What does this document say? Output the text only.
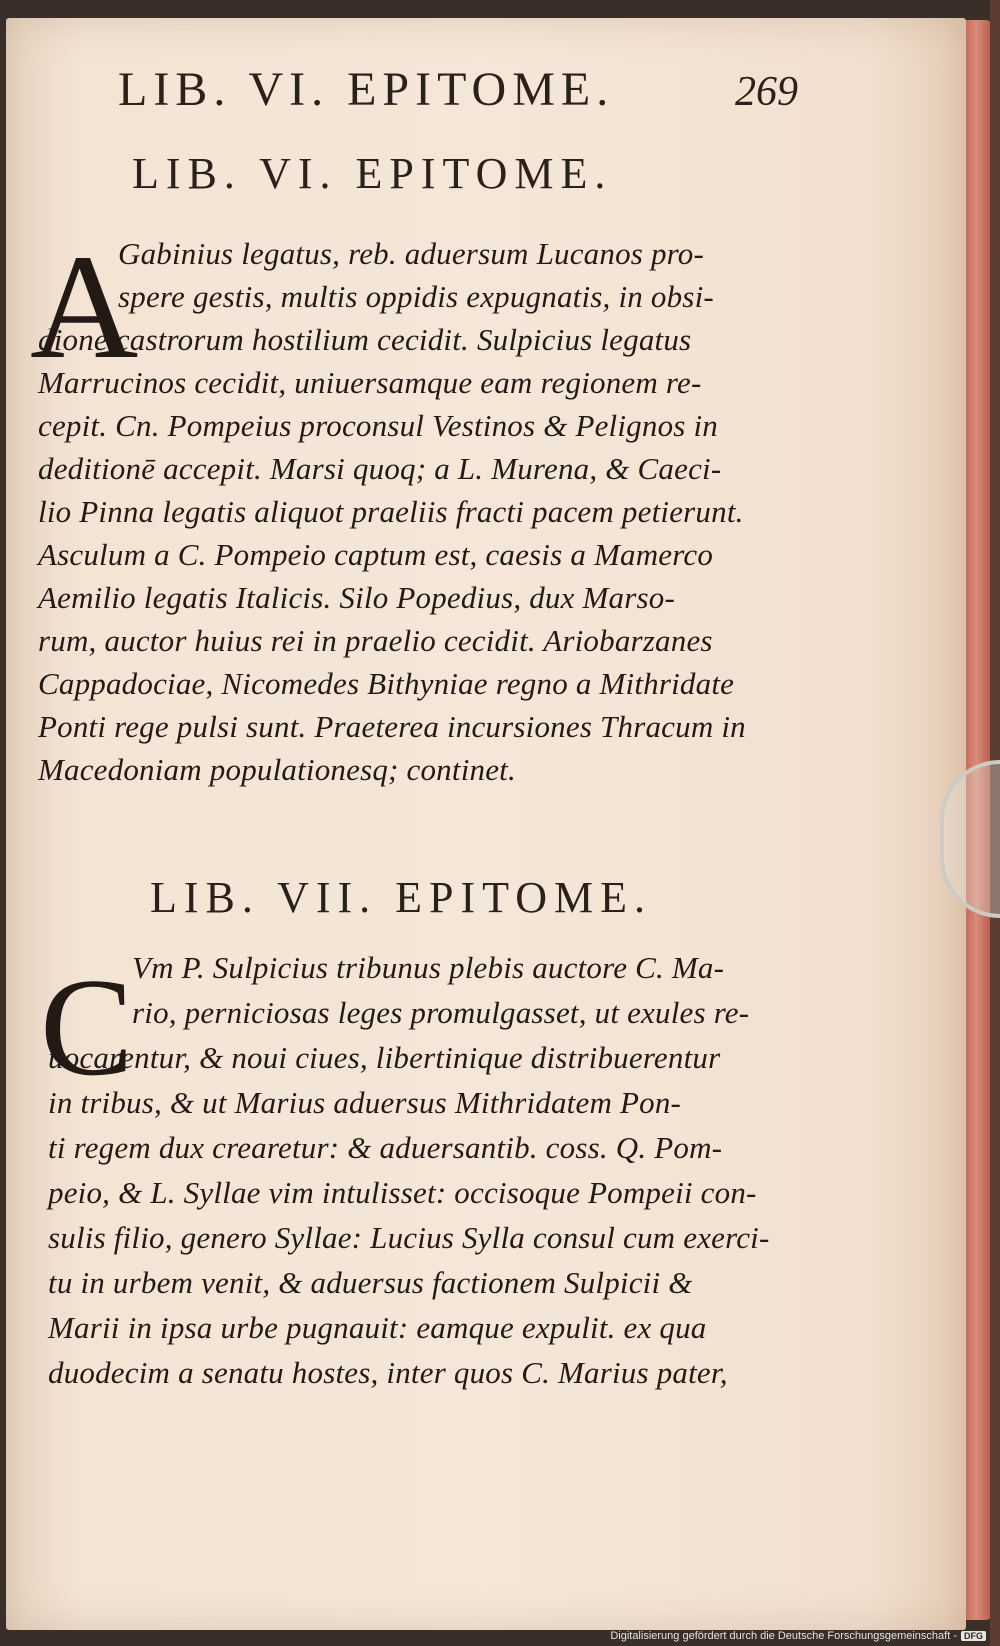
LIB. VI. EPITOME.	269
LIB. VI. EPITOME.
A
Gabinius legatus, reb. aduersum Lucanos pro-
spere gestis, multis oppidis expugnatis, in obsi-
dione castrorum hostilium cecidit. Sulpicius legatus
Marrucinos cecidit, uniuersamque eam regionem re-
cepit. Cn. Pompeius proconsul Vestinos & Pelignos in
deditionē accepit. Marsi quoq; a L. Murena, & Caeci-
lio Pinna legatis aliquot praeliis fracti pacem petierunt.
Asculum a C. Pompeio captum est, caesis a Mamerco
Aemilio legatis Italicis. Silo Popedius, dux Marso-
rum, auctor huius rei in praelio cecidit. Ariobarzanes
Cappadociae, Nicomedes Bithyniae regno a Mithridate
Ponti rege pulsi sunt. Praeterea incursiones Thracum in
Macedoniam populationesq; continet.
LIB. VII. EPITOME.
C
Vm P. Sulpicius tribunus plebis auctore C. Ma-
rio, perniciosas leges promulgasset, ut exules re-
uocarentur, & noui ciues, libertinique distribuerentur
in tribus, & ut Marius aduersus Mithridatem Pon-
ti regem dux crearetur: & aduersantib. coss. Q. Pom-
peio, & L. Syllae vim intulisset: occisoque Pompeii con-
sulis filio, genero Syllae: Lucius Sylla consul cum exerci-
tu in urbem venit, & aduersus factionem Sulpicii &
Marii in ipsa urbe pugnauit: eamque expulit. ex qua
duodecim a senatu hostes, inter quos C. Marius pater,
Digitalisierung gefördert durch die Deutsche Forschungsgemeinschaft - DFG
